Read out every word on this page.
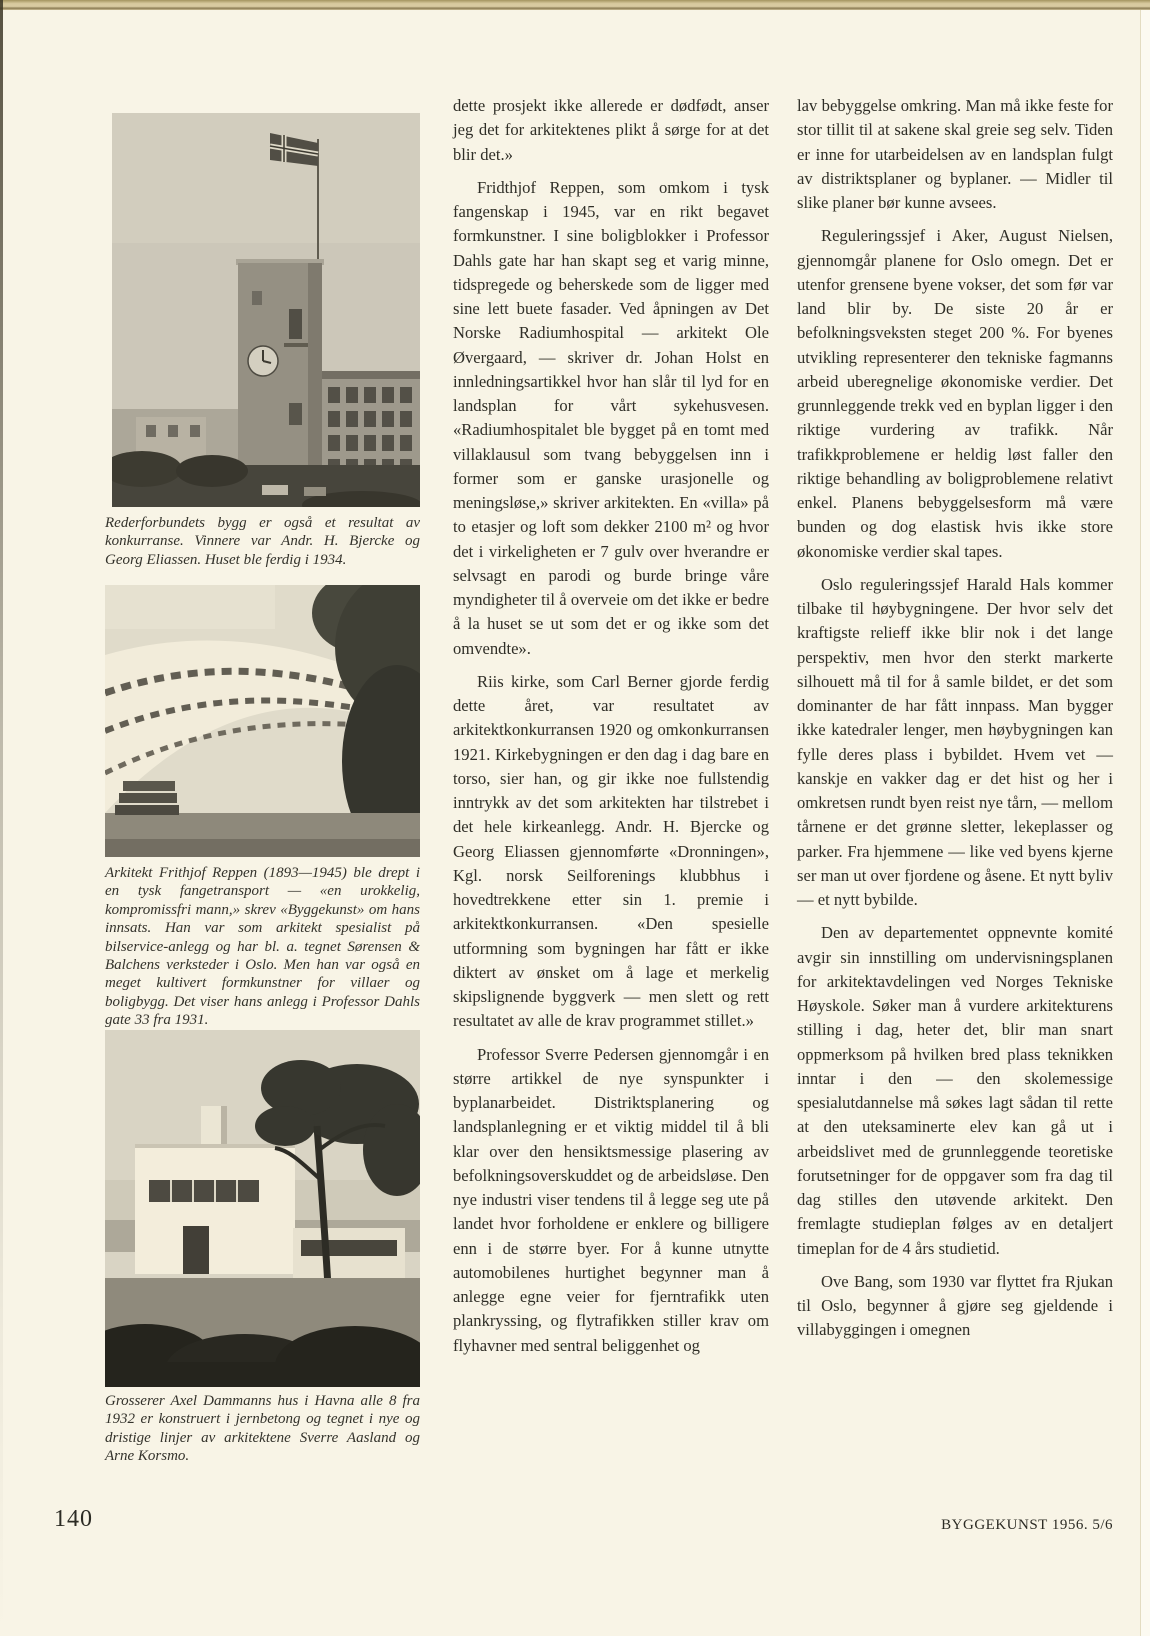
Rederforbundets bygg er også et resultat av konkurranse. Vinnere var Andr. H. Bjercke og Georg Eliassen. Huset ble ferdig i 1934.
Arkitekt Frithjof Reppen (1893—1945) ble drept i en tysk fangetransport — «en urokkelig, kompromissfri mann,» skrev «Byggekunst» om hans innsats. Han var som arkitekt spesialist på bilservice-anlegg og har bl. a. tegnet Sørensen & Balchens verksteder i Oslo. Men han var også en meget kultivert formkunstner for villaer og boligbygg. Det viser hans anlegg i Professor Dahls gate 33 fra 1931.
Grosserer Axel Dammanns hus i Havna alle 8 fra 1932 er konstruert i jernbetong og tegnet i nye og dristige linjer av arkitektene Sverre Aasland og Arne Korsmo.

dette prosjekt ikke allerede er dødfødt, anser jeg det for arkitektenes plikt å sørge for at det blir det.»

Fridthjof Reppen, som omkom i tysk fangenskap i 1945, var en rikt begavet formkunstner. I sine boligblokker i Professor Dahls gate har han skapt seg et varig minne, tidspregede og beherskede som de ligger med sine lett buete fasader. Ved åpningen av Det Norske Radiumhospital — arkitekt Ole Øvergaard, — skriver dr. Johan Holst en innledningsartikkel hvor han slår til lyd for en landsplan for vårt sykehusvesen. «Radiumhospitalet ble bygget på en tomt med villaklausul som tvang bebyggelsen inn i former som er ganske urasjonelle og meningsløse,» skriver arkitekten. En «villa» på to etasjer og loft som dekker 2100 m² og hvor det i virkeligheten er 7 gulv over hverandre er selvsagt en parodi og burde bringe våre myndigheter til å overveie om det ikke er bedre å la huset se ut som det er og ikke som det omvendte».

Riis kirke, som Carl Berner gjorde ferdig dette året, var resultatet av arkitektkonkurransen 1920 og omkonkurransen 1921. Kirkebygningen er den dag i dag bare en torso, sier han, og gir ikke noe fullstendig inntrykk av det som arkitekten har tilstrebet i det hele kirkeanlegg. Andr. H. Bjercke og Georg Eliassen gjennomførte «Dronningen», Kgl. norsk Seilforenings klubbhus i hovedtrekkene etter sin 1. premie i arkitektkonkurransen. «Den spesielle utformning som bygningen har fått er ikke diktert av ønsket om å lage et merkelig skipslignende byggverk — men slett og rett resultatet av alle de krav programmet stillet.»

Professor Sverre Pedersen gjennomgår i en større artikkel de nye synspunkter i byplanarbeidet. Distriktsplanering og landsplanlegning er et viktig middel til å bli klar over den hensiktsmessige plasering av befolkningsoverskuddet og de arbeidsløse. Den nye industri viser tendens til å legge seg ute på landet hvor forholdene er enklere og billigere enn i de større byer. For å kunne utnytte automobilenes hurtighet begynner man å anlegge egne veier for fjerntrafikk uten plankryssing, og flytrafikken stiller krav om flyhavner med sentral beliggenhet og

lav bebyggelse omkring. Man må ikke feste for stor tillit til at sakene skal greie seg selv. Tiden er inne for utarbeidelsen av en landsplan fulgt av distriktsplaner og byplaner. — Midler til slike planer bør kunne avsees.

Reguleringssjef i Aker, August Nielsen, gjennomgår planene for Oslo omegn. Det er utenfor grensene byene vokser, det som før var land blir by. De siste 20 år er befolkningsveksten steget 200 %. For byenes utvikling representerer den tekniske fagmanns arbeid uberegnelige økonomiske verdier. Det grunnleggende trekk ved en byplan ligger i den riktige vurdering av trafikk. Når trafikkproblemene er heldig løst faller den riktige behandling av boligproblemene relativt enkel. Planens bebyggelsesform må være bunden og dog elastisk hvis ikke store økonomiske verdier skal tapes.

Oslo reguleringssjef Harald Hals kommer tilbake til høybygningene. Der hvor selv det kraftigste relieff ikke blir nok i det lange perspektiv, men hvor den sterkt markerte silhouett må til for å samle bildet, er det som dominanter de har fått innpass. Man bygger ikke katedraler lenger, men høybygningen kan fylle deres plass i bybildet. Hvem vet — kanskje en vakker dag er det hist og her i omkretsen rundt byen reist nye tårn, — mellom tårnene er det grønne sletter, lekeplasser og parker. Fra hjemmene — like ved byens kjerne ser man ut over fjordene og åsene. Et nytt byliv — et nytt bybilde.

Den av departementet oppnevnte komité avgir sin innstilling om undervisningsplanen for arkitektavdelingen ved Norges Tekniske Høyskole. Søker man å vurdere arkitekturens stilling i dag, heter det, blir man snart oppmerksom på hvilken bred plass teknikken inntar i den — den skolemessige spesialutdannelse må søkes lagt sådan til rette at den uteksaminerte elev kan gå ut i arbeidslivet med de grunnleggende teoretiske forutsetninger for de oppgaver som fra dag til dag stilles den utøvende arkitekt. Den fremlagte studieplan følges av en detaljert timeplan for de 4 års studietid.

Ove Bang, som 1930 var flyttet fra Rjukan til Oslo, begynner å gjøre seg gjeldende i villabyggingen i omegnen

140	BYGGEKUNST 1956. 5/6
